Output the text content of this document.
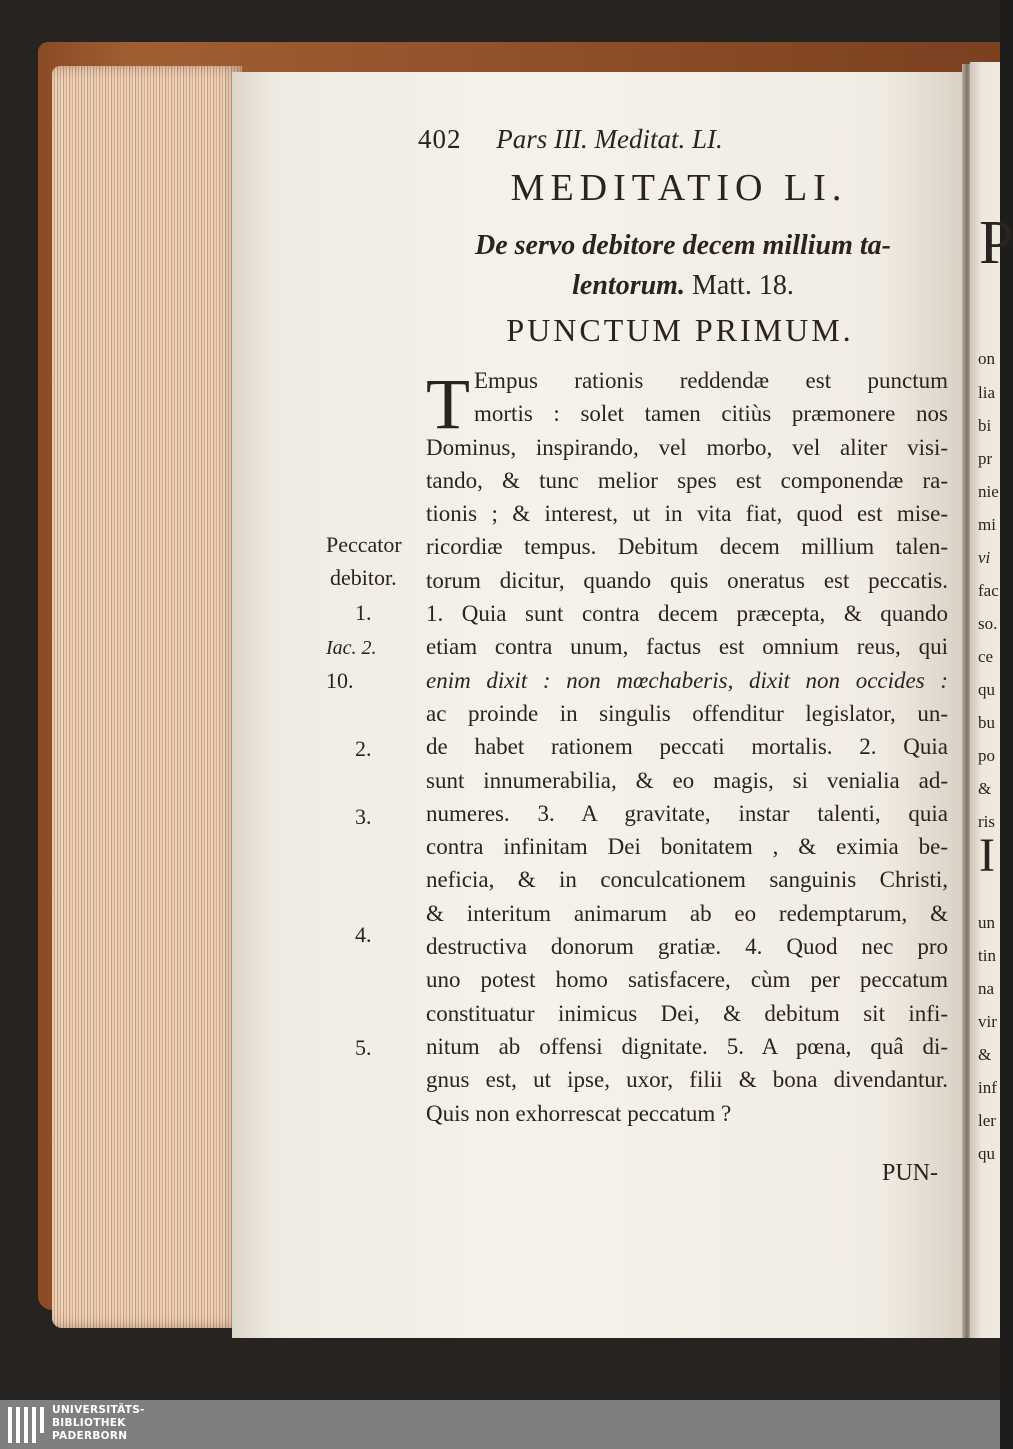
P
on
lia
bi
pr
nie
mi
vi
fac
so.
ce
qu
bu
po
&
ris
I
un
tin
na
vir
&
inf
ler
qu
402 Pars III. Meditat. LI.
MEDITATIO LI.
De servo debitore decem millium ta-
lentorum. Matt. 18.
PUNCTUM PRIMUM.
T Empus rationis reddendæ est punctum
mortis : solet tamen citiùs præmonere nos
Dominus, inspirando, vel morbo, vel aliter visi-
tando, & tunc melior spes est componendæ ra-
tionis ; & interest, ut in vita fiat, quod est mise-
ricordiæ tempus. Debitum decem millium talen-
torum dicitur, quando quis oneratus est peccatis.
1. Quia sunt contra decem præcepta, & quando
etiam contra unum, factus est omnium reus, qui
enim dixit : non mœchaberis, dixit non occides :
ac proinde in singulis offenditur legislator, un-
de habet rationem peccati mortalis. 2. Quia
sunt innumerabilia, & eo magis, si venialia ad-
numeres. 3. A gravitate, instar talenti, quia
contra infinitam Dei bonitatem , & eximia be-
neficia, & in conculcationem sanguinis Christi,
& interitum animarum ab eo redemptarum, &
destructiva donorum gratiæ. 4. Quod nec pro
uno potest homo satisfacere, cùm per peccatum
constituatur inimicus Dei, & debitum sit infi-
nitum ab offensi dignitate. 5. A pœna, quâ di-
gnus est, ut ipse, uxor, filii & bona divendantur.
Quis non exhorrescat peccatum ?
Peccator
debitor.
1.
Iac. 2.
10.
2.
3.
4.
5.
PUN-
UNIVERSITÄTS-
BIBLIOTHEK
PADERBORN
